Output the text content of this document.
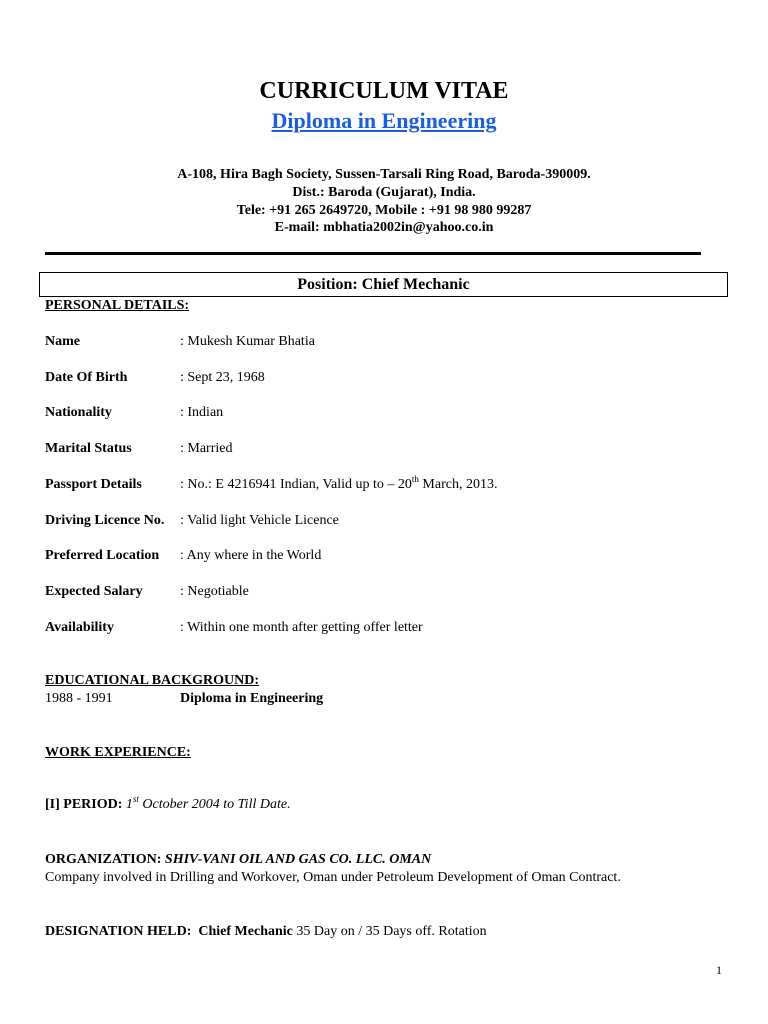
CURRICULUM VITAE
Diploma in Engineering
A-108, Hira Bagh Society, Sussen-Tarsali Ring Road, Baroda-390009.
Dist.: Baroda (Gujarat), India.
Tele: +91 265 2649720, Mobile : +91 98 980 99287
E-mail: mbhatia2002in@yahoo.co.in
Position: Chief Mechanic
PERSONAL DETAILS:
Name	: Mukesh Kumar Bhatia
Date Of Birth	: Sept 23, 1968
Nationality	: Indian
Marital Status	: Married
Passport Details	: No.: E 4216941 Indian, Valid up to – 20th March, 2013.
Driving Licence No. : Valid light Vehicle Licence
Preferred Location : Any where in the World
Expected Salary	: Negotiable
Availability	: Within one month after getting offer letter
EDUCATIONAL BACKGROUND:
1988 - 1991	Diploma in Engineering
WORK EXPERIENCE:
[I] PERIOD: 1st October 2004 to Till Date.
ORGANIZATION: SHIV-VANI OIL AND GAS CO. LLC. OMAN
Company involved in Drilling and Workover, Oman under Petroleum Development of Oman Contract.
DESIGNATION HELD: Chief Mechanic 35 Day on / 35 Days off. Rotation
1
